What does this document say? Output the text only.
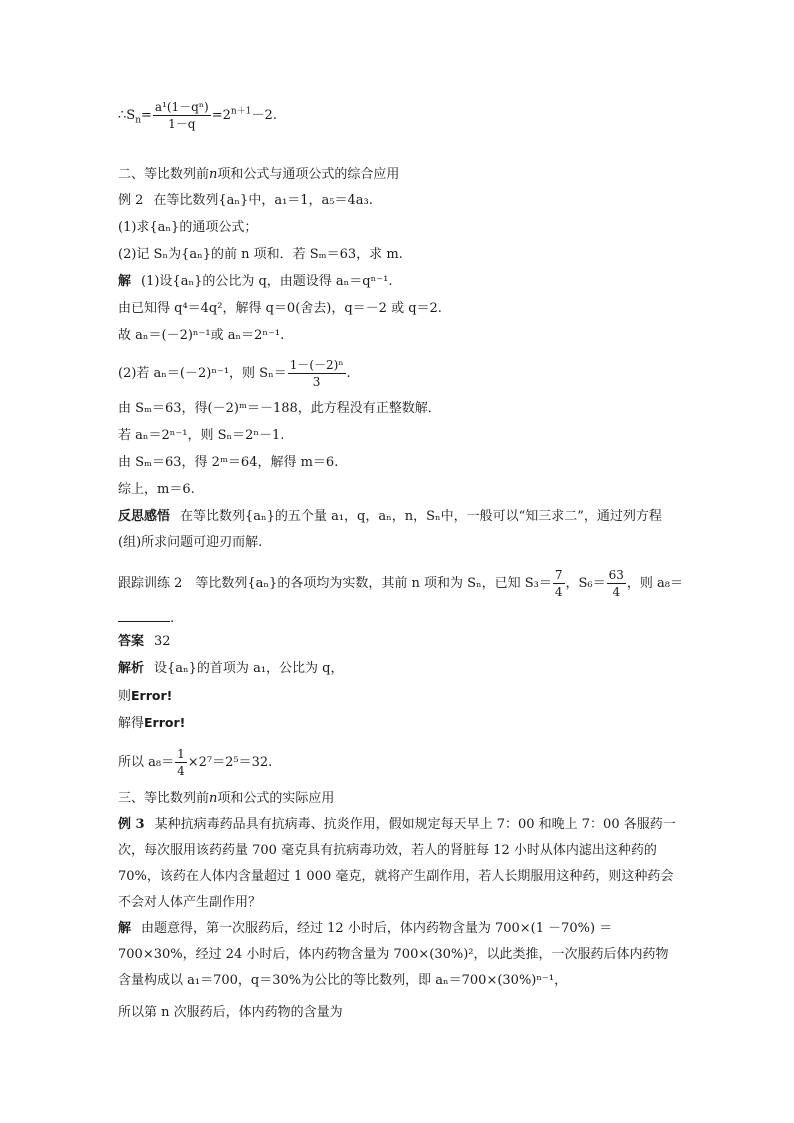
$\therefore S_n= \frac{\text{a¹(1－qⁿ)}}{1-q} =2^{n+1}-2$.
二、等比数列前n项和公式与通项公式的综合应用
例 2 在等比数列{aₙ}中，a₁＝1，a₅＝4a₃.
(1)求{aₙ}的通项公式；
(2)记 Sₙ为{aₙ}的前 n 项和．若 Sₘ＝63，求 m.
解 (1)设{aₙ}的公比为 q，由题设得 aₙ＝qⁿ⁻¹.
由已知得 q⁴＝4q²，解得 q＝0(舍去)，q＝－2 或 q＝2.
故 aₙ＝(－2)ⁿ⁻¹或 aₙ＝2ⁿ⁻¹.
(2)若 aₙ＝(－2)ⁿ⁻¹，则 $S_n= \frac{\text{1－(－2)ⁿ}}{3}$ .
由 Sₘ＝63，得(－2)ᵐ＝－188，此方程没有正整数解．
若 aₙ＝2ⁿ⁻¹，则 Sₙ＝2ⁿ－1.
由 Sₘ＝63，得 2ᵐ＝64，解得 m＝6.
综上，m＝6.
反思感悟 在等比数列{aₙ}的五个量 a₁，q，aₙ，n，Sₙ中，一般可以“知三求二”，通过列方程(组)所求问题可迎刃而解.
跟踪训练 2　等比数列{aₙ}的各项均为实数，其前 n 项和为 Sₙ，已知 $S_3= \frac{7}{4}$ ，$S_6= \frac{63}{4}$ ，则 a₈＝
.
答案 32
解析 设{aₙ}的首项为 a₁，公比为 q，
则Error!
解得Error!
所以 $a_8= \frac{1}{4} \times 2^7=2^5=32$.
三、等比数列前n项和公式的实际应用
例 3 某种抗病毒药品具有抗病毒、抗炎作用，假如规定每天早上 7：00 和晚上 7：00 各服药一次，每次服用该药药量 700 毫克具有抗病毒功效，若人的肾脏每 12 小时从体内滤出这种药的 70%，该药在人体内含量超过 1 000 毫克，就将产生副作用，若人长期服用这种药，则这种药会不会对人体产生副作用？
解 由题意得，第一次服药后，经过 12 小时后，体内药物含量为 700×(1 －70%) ＝700×30%，经过 24 小时后，体内药物含量为 700×(30%)²，以此类推，一次服药后体内药物含量构成以 a₁＝700，q＝30%为公比的等比数列，即 aₙ＝700×(30%)ⁿ⁻¹，
所以第 n 次服药后，体内药物的含量为
